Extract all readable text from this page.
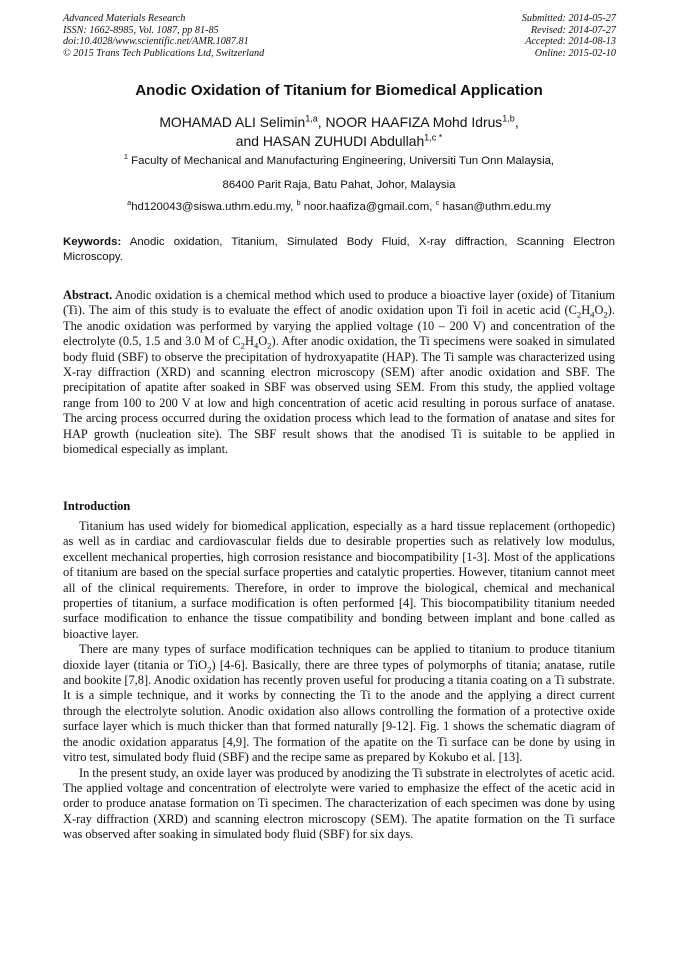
Advanced Materials Research
ISSN: 1662-8985, Vol. 1087, pp 81-85
doi:10.4028/www.scientific.net/AMR.1087.81
© 2015 Trans Tech Publications Ltd, Switzerland
Submitted: 2014-05-27
Revised: 2014-07-27
Accepted: 2014-08-13
Online: 2015-02-10
Anodic Oxidation of Titanium for Biomedical Application
MOHAMAD ALI Selimin$^{1,a}$, NOOR HAAFIZA Mohd Idrus$^{1,b}$,
and HASAN ZUHUDI Abdullah$^{1,c *}$
$^1$ Faculty of Mechanical and Manufacturing Engineering, Universiti Tun Onn Malaysia,
86400 Parit Raja, Batu Pahat, Johor, Malaysia
$^a$hd120043@siswa.uthm.edu.my, $^b$ noor.haafiza@gmail.com, $^c$ hasan@uthm.edu.my
Keywords: Anodic oxidation, Titanium, Simulated Body Fluid, X-ray diffraction, Scanning Electron Microscopy.
Abstract. Anodic oxidation is a chemical method which used to produce a bioactive layer (oxide) of Titanium (Ti). The aim of this study is to evaluate the effect of anodic oxidation upon Ti foil in acetic acid $(C_2H_4O_2)$. The anodic oxidation was performed by varying the applied voltage (10 – 200 V) and concentration of the electrolyte (0.5, 1.5 and 3.0 M of $C_2H_4O_2$). After anodic oxidation, the Ti specimens were soaked in simulated body fluid (SBF) to observe the precipitation of hydroxyapatite (HAP). The Ti sample was characterized using X-ray diffraction (XRD) and scanning electron microscopy (SEM) after anodic oxidation and SBF. The precipitation of apatite after soaked in SBF was observed using SEM. From this study, the applied voltage range from 100 to 200 V at low and high concentration of acetic acid resulting in porous surface of anatase. The arcing process occurred during the oxidation process which lead to the formation of anatase and sites for HAP growth (nucleation site). The SBF result shows that the anodised Ti is suitable to be applied in biomedical especially as implant.
Introduction

Titanium has used widely for biomedical application, especially as a hard tissue replacement (orthopedic) as well as in cardiac and cardiovascular fields due to desirable properties such as relatively low modulus, excellent mechanical properties, high corrosion resistance and biocompatibility [1-3]. Most of the applications of titanium are based on the special surface properties and catalytic properties. However, titanium cannot meet all of the clinical requirements. Therefore, in order to improve the biological, chemical and mechanical properties of titanium, a surface modification is often performed [4]. This biocompatibility titanium needed surface modification to enhance the tissue compatibility and bonding between implant and bone called as bioactive layer.

There are many types of surface modification techniques can be applied to titanium to produce titanium dioxide layer (titania or TiO$_2$) [4-6]. Basically, there are three types of polymorphs of titania; anatase, rutile and bookite [7,8]. Anodic oxidation has recently proven useful for producing a titania coating on a Ti substrate. It is a simple technique, and it works by connecting the Ti to the anode and the applying a direct current through the electrolyte solution. Anodic oxidation also allows controlling the formation of a protective oxide surface layer which is much thicker than that formed naturally [9-12]. Fig. 1 shows the schematic diagram of the anodic oxidation apparatus [4,9]. The formation of the apatite on the Ti surface can be done by using in vitro test, simulated body fluid (SBF) and the recipe same as prepared by Kokubo et al. [13].

In the present study, an oxide layer was produced by anodizing the Ti substrate in electrolytes of acetic acid. The applied voltage and concentration of electrolyte were varied to emphasize the effect of the acetic acid in order to produce anatase formation on Ti specimen. The characterization of each specimen was done by using X-ray diffraction (XRD) and scanning electron microscopy (SEM). The apatite formation on the Ti surface was observed after soaking in simulated body fluid (SBF) for six days.
